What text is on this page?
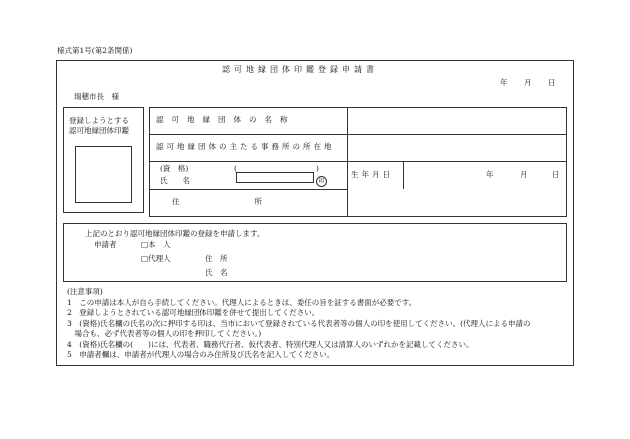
様式第1号(第2条関係)
認可地縁団体印鑑登録申請書
年 月 日
瑞穂市長　様
登録しようとする
認可地縁団体印鑑
認可地縁団体の名称
認可地縁団体の主たる事務所の所在地
(資　格)	(	)
氏　　名	印
生年月日	年	月	日
住　　　　　　　　　　所
上記のとおり認可地縁団体印鑑の登録を申請します。
申請者	□本　人
□代理人	住　所
氏　名
(注意事項)
1　この申請は本人が自ら手続してください。代理人によるときは、委任の旨を証する書面が必要です。
2　登録しようとされている認可地縁団体印鑑を併せて提出してください。
3　(資格)氏名欄の氏名の次に押印する印は、当市において登録されている代表者等の個人の印を使用してください。(代理人による申請の
　場合も、必ず代表者等の個人の印を押印してください。)
4　(資格)氏名欄の(　　)には、代表者、職務代行者、仮代表者、特別代理人又は清算人のいずれかを記載してください。
5　申請者欄は、申請者が代理人の場合のみ住所及び氏名を記入してください。
